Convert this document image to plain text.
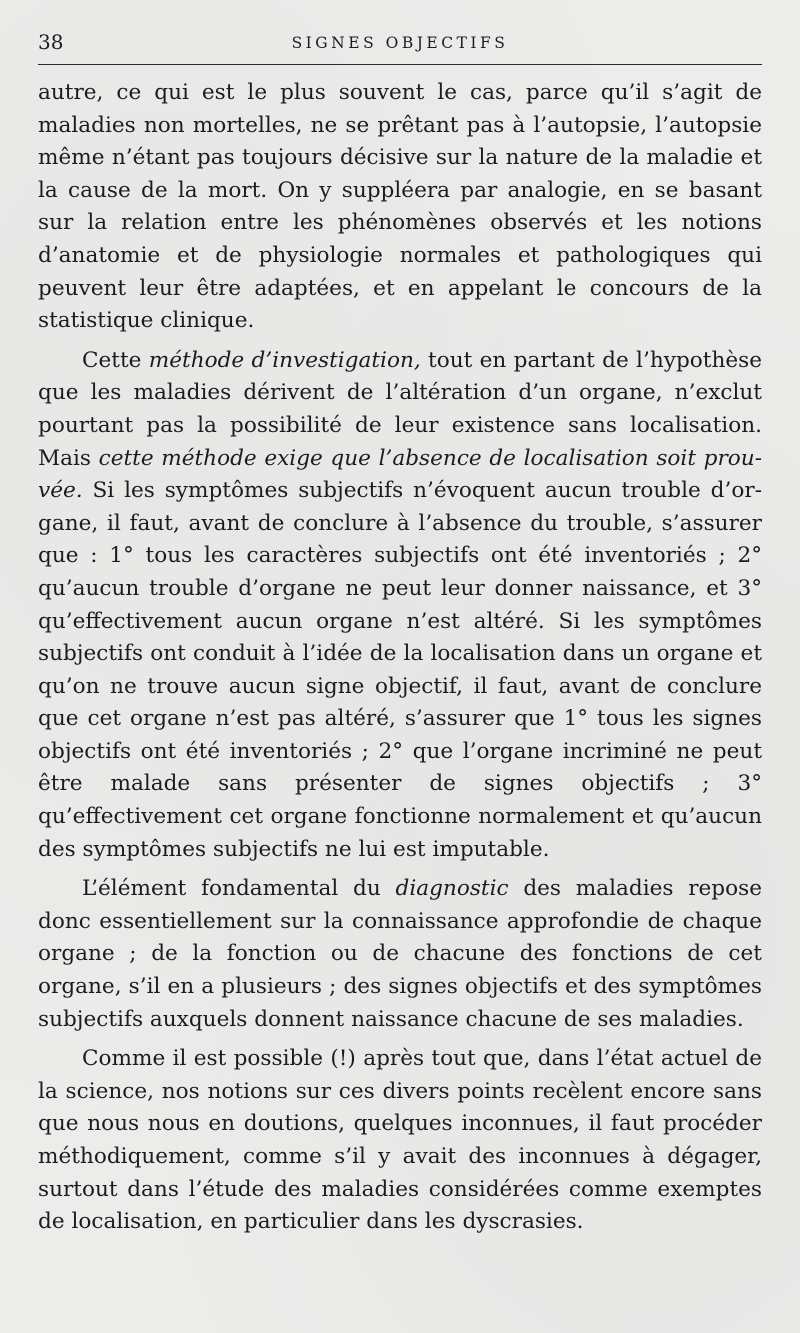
38	SIGNES OBJECTIFS

autre, ce qui est le plus souvent le cas, parce qu’il s’agit de maladies non mortelles, ne se prêtant pas à l’autopsie, l’autopsie même n’étant pas toujours décisive sur la nature de la maladie et la cause de la mort. On y suppléera par analogie, en se basant sur la relation entre les phénomènes observés et les notions d’anatomie et de physiologie normales et pathologiques qui peuvent leur être adaptées, et en appelant le concours de la statistique clinique.

Cette méthode d’investigation, tout en partant de l’hypothèse que les maladies dérivent de l’altération d’un organe, n’exclut pourtant pas la possibilité de leur existence sans localisation. Mais cette méthode exige que l’absence de localisation soit prouvée. Si les symptômes subjectifs n’évoquent aucun trouble d’organe, il faut, avant de conclure à l’absence du trouble, s’assurer que : 1° tous les caractères subjectifs ont été inventoriés ; 2° qu’aucun trouble d’organe ne peut leur donner naissance, et 3° qu’effectivement aucun organe n’est altéré. Si les symptômes subjectifs ont conduit à l’idée de la localisation dans un organe et qu’on ne trouve aucun signe objectif, il faut, avant de conclure que cet organe n’est pas altéré, s’assurer que 1° tous les signes objectifs ont été inventoriés ; 2° que l’organe incriminé ne peut être malade sans présenter de signes objectifs ; 3° qu’effectivement cet organe fonctionne normalement et qu’aucun des symptômes subjectifs ne lui est imputable.

L’élément fondamental du diagnostic des maladies repose donc essentiellement sur la connaissance approfondie de chaque organe ; de la fonction ou de chacune des fonctions de cet organe, s’il en a plusieurs ; des signes objectifs et des symptômes subjectifs auxquels donnent naissance chacune de ses maladies.

Comme il est possible (!) après tout que, dans l’état actuel de la science, nos notions sur ces divers points recèlent encore sans que nous nous en doutions, quelques inconnues, il faut procéder méthodiquement, comme s’il y avait des inconnues à dégager, surtout dans l’étude des maladies considérées comme exemptes de localisation, en particulier dans les dyscrasies.
